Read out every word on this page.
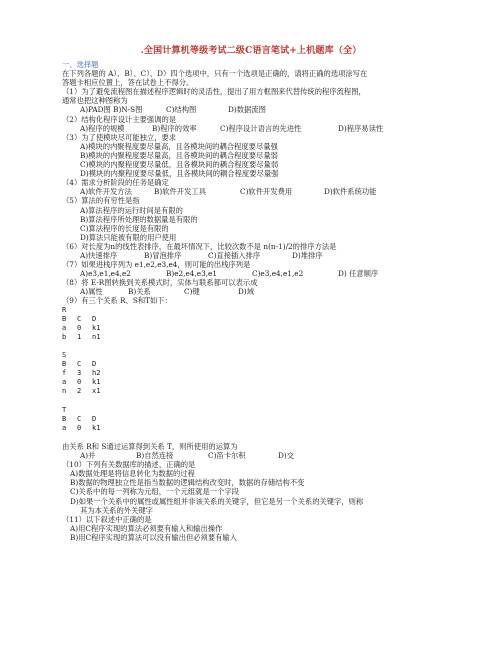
.全国计算机等级考试二级C语言笔试+上机题库（全）
一、选择题
在下列各题的 A）、B）、C）、D）四个选项中，只有一个选项是正确的，请将正确的选项涂写在
答题卡相应位置上，答在试卷上不得分。
（1）为了避免流程图在描述程序逻辑时的灵活性，提出了用方框图来代替传统的程序流程图，
通常也把这种图称为
A)PAD图 B)N-S图	C)结构图	D)数据流图
（2）结构化程序设计主要强调的是
A)程序的规模	B)程序的效率	C)程序设计语言的先进性	D)程序易读性
（3）为了使模块尽可能独立，要求
A)模块的内聚程度要尽量高，且各模块间的耦合程度要尽量强
B)模块的内聚程度要尽量高，且各模块间的耦合程度要尽量弱
C)模块的内聚程度要尽量低，且各模块间的耦合程度要尽量弱
D)模块的内聚程度要尽量低，且各模块间的耦合程度要尽量强
（4）需求分析阶段的任务是确定
A)软件开发方法	B)软件开发工具	C)软件开发费用	D)软件系统功能
（5）算法的有穷性是指
A)算法程序的运行时间是有限的
B)算法程序所处理的数据量是有限的
C)算法程序的长度是有限的
D)算法只能被有限的用户使用
（6）对长度为n的线性表排序，在最坏情况下，比较次数不是 n(n-1)/2的排序方法是
A)快速排序	B)冒泡排序	C)直接插入排序	D)堆排序
（7）如果进栈序列为 e1,e2,e3,e4，则可能的出栈序列是
A)e3,e1,e4,e2	B)e2,e4,e3,e1	C)e3,e4,e1,e2	D) 任意顺序
（8）将 E-R图转换到关系模式时，实体与联系都可以表示成
A)属性	B)关系	C)键	D)域
（9）有三个关系 R、S和T如下：
R
B C D
a 0 k1
b 1 n1
S
B C D
f 3 h2
a 0 k1
n 2 x1
T
B C D
a 0 k1
由关系 R和 S通过运算得到关系 T，则所使用的运算为
A)并	B)自然连接	C)笛卡尔积	D)交
（10）下列有关数据库的描述，正确的是
A)数据处理是将信息转化为数据的过程
B)数据的物理独立性是指当数据的逻辑结构改变时，数据的存储结构不变
C)关系中的每一列称为元组，一个元组就是一个字段
D)如果一个关系中的属性或属性组并非该关系的关键字，但它是另一个关系的关键字，则称
其为本关系的外关键字
（11）以下叙述中正确的是
A)用C程序实现的算法必须要有输入和输出操作
B)用C程序实现的算法可以没有输出但必须要有输入
